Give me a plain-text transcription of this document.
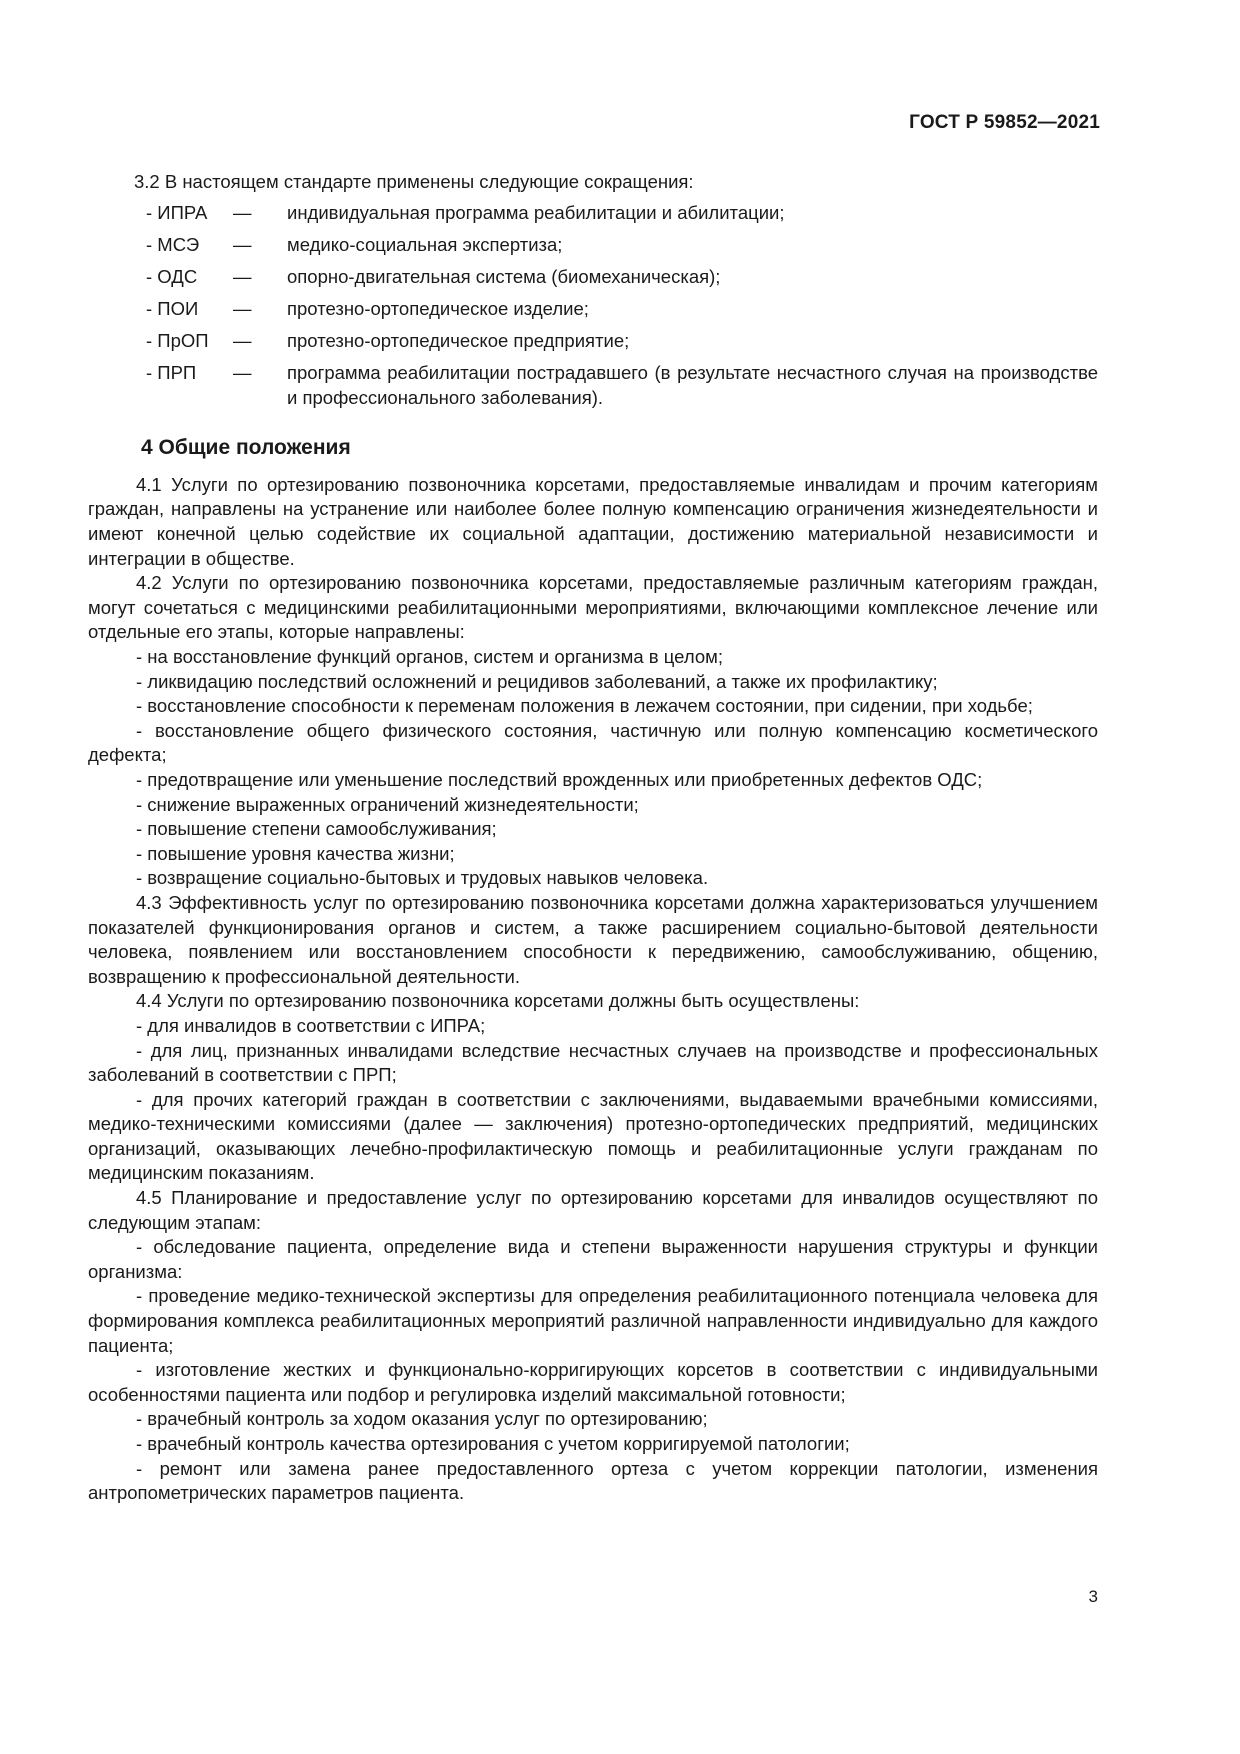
ГОСТ Р 59852—2021

3.2 В настоящем стандарте применены следующие сокращения:

- ИПРА	—	индивидуальная программа реабилитации и абилитации;
- МСЭ	—	медико-социальная экспертиза;
- ОДС	—	опорно-двигательная система (биомеханическая);
- ПОИ	—	протезно-ортопедическое изделие;
- ПрОП	—	протезно-ортопедическое предприятие;
- ПРП	—	программа реабилитации пострадавшего (в результате несчастного случая на производстве и профессионального заболевания).
4 Общие положения

4.1 Услуги по ортезированию позвоночника корсетами, предоставляемые инвалидам и прочим категориям граждан, направлены на устранение или наиболее более полную компенсацию ограничения жизнедеятельности и имеют конечной целью содействие их социальной адаптации, достижению материальной независимости и интеграции в обществе.

4.2 Услуги по ортезированию позвоночника корсетами, предоставляемые различным категориям граждан, могут сочетаться с медицинскими реабилитационными мероприятиями, включающими комплексное лечение или отдельные его этапы, которые направлены:

- на восстановление функций органов, систем и организма в целом;

- ликвидацию последствий осложнений и рецидивов заболеваний, а также их профилактику;

- восстановление способности к переменам положения в лежачем состоянии, при сидении, при ходьбе;

- восстановление общего физического состояния, частичную или полную компенсацию косметического дефекта;

- предотвращение или уменьшение последствий врожденных или приобретенных дефектов ОДС;

- снижение выраженных ограничений жизнедеятельности;

- повышение степени самообслуживания;

- повышение уровня качества жизни;

- возвращение социально-бытовых и трудовых навыков человека.

4.3 Эффективность услуг по ортезированию позвоночника корсетами должна характеризоваться улучшением показателей функционирования органов и систем, а также расширением социально-бытовой деятельности человека, появлением или восстановлением способности к передвижению, самообслуживанию, общению, возвращению к профессиональной деятельности.

4.4 Услуги по ортезированию позвоночника корсетами должны быть осуществлены:

- для инвалидов в соответствии с ИПРА;

- для лиц, признанных инвалидами вследствие несчастных случаев на производстве и профессиональных заболеваний в соответствии с ПРП;

- для прочих категорий граждан в соответствии с заключениями, выдаваемыми врачебными комиссиями, медико-техническими комиссиями (далее — заключения) протезно-ортопедических предприятий, медицинских организаций, оказывающих лечебно-профилактическую помощь и реабилитационные услуги гражданам по медицинским показаниям.

4.5 Планирование и предоставление услуг по ортезированию корсетами для инвалидов осуществляют по следующим этапам:

- обследование пациента, определение вида и степени выраженности нарушения структуры и функции организма:

- проведение медико-технической экспертизы для определения реабилитационного потенциала человека для формирования комплекса реабилитационных мероприятий различной направленности индивидуально для каждого пациента;

- изготовление жестких и функционально-корригирующих корсетов в соответствии с индивидуальными особенностями пациента или подбор и регулировка изделий максимальной готовности;

- врачебный контроль за ходом оказания услуг по ортезированию;

- врачебный контроль качества ортезирования с учетом корригируемой патологии;

- ремонт или замена ранее предоставленного ортеза с учетом коррекции патологии, изменения антропометрических параметров пациента.

3
